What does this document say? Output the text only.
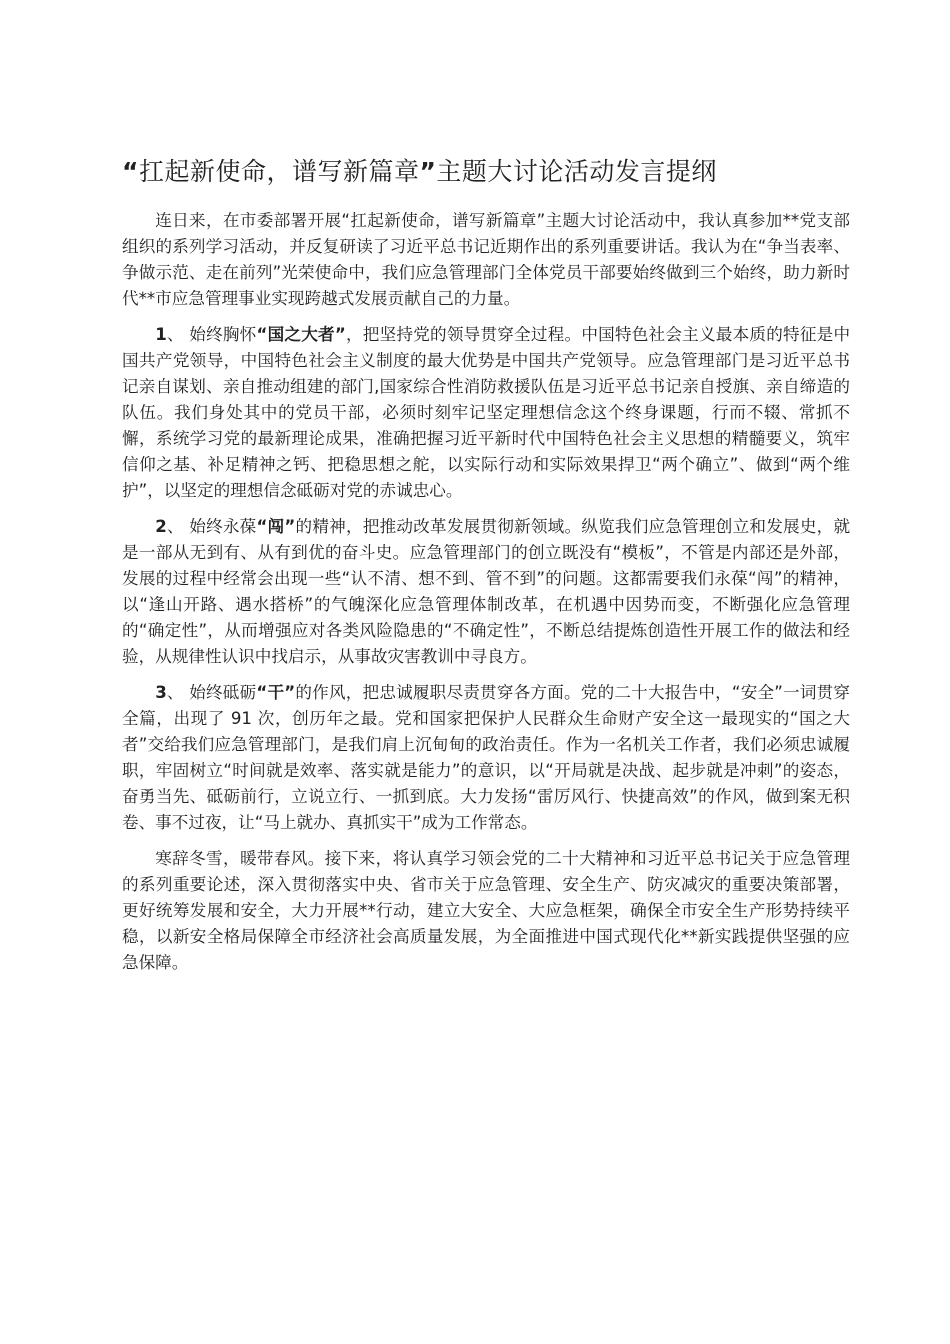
“扛起新使命，谱写新篇章”主题大讨论活动发言提纲

连日来，在市委部署开展“扛起新使命，谱写新篇章”主题大讨论活动中，我认真参加**党支部组织的系列学习活动，并反复研读了习近平总书记近期作出的系列重要讲话。我认为在“争当表率、争做示范、走在前列”光荣使命中，我们应急管理部门全体党员干部要始终做到三个始终，助力新时代**市应急管理事业实现跨越式发展贡献自己的力量。

1、 始终胸怀“国之大者”，把坚持党的领导贯穿全过程。中国特色社会主义最本质的特征是中国共产党领导，中国特色社会主义制度的最大优势是中国共产党领导。应急管理部门是习近平总书记亲自谋划、亲自推动组建的部门,国家综合性消防救援队伍是习近平总书记亲自授旗、亲自缔造的队伍。我们身处其中的党员干部，必须时刻牢记坚定理想信念这个终身课题，行而不辍、常抓不懈，系统学习党的最新理论成果，准确把握习近平新时代中国特色社会主义思想的精髓要义，筑牢信仰之基、补足精神之钙、把稳思想之舵，以实际行动和实际效果捍卫“两个确立”、做到“两个维护”，以坚定的理想信念砥砺对党的赤诚忠心。

2、 始终永葆“闯”的精神，把推动改革发展贯彻新领域。纵览我们应急管理创立和发展史，就是一部从无到有、从有到优的奋斗史。应急管理部门的创立既没有“模板”，不管是内部还是外部，发展的过程中经常会出现一些“认不清、想不到、管不到”的问题。这都需要我们永葆“闯”的精神，以“逢山开路、遇水搭桥”的气魄深化应急管理体制改革，在机遇中因势而变，不断强化应急管理的“确定性”，从而增强应对各类风险隐患的“不确定性”，不断总结提炼创造性开展工作的做法和经验，从规律性认识中找启示，从事故灾害教训中寻良方。

3、 始终砥砺“干”的作风，把忠诚履职尽责贯穿各方面。党的二十大报告中，“安全”一词贯穿全篇，出现了 91 次，创历年之最。党和国家把保护人民群众生命财产安全这一最现实的“国之大者”交给我们应急管理部门，是我们肩上沉甸甸的政治责任。作为一名机关工作者，我们必须忠诚履职，牢固树立“时间就是效率、落实就是能力”的意识，以“开局就是决战、起步就是冲刺”的姿态，奋勇当先、砥砺前行，立说立行、一抓到底。大力发扬“雷厉风行、快捷高效”的作风，做到案无积卷、事不过夜，让“马上就办、真抓实干”成为工作常态。

寒辞冬雪，暖带春风。接下来，将认真学习领会党的二十大精神和习近平总书记关于应急管理的系列重要论述，深入贯彻落实中央、省市关于应急管理、安全生产、防灾减灾的重要决策部署，更好统筹发展和安全，大力开展**行动，建立大安全、大应急框架，确保全市安全生产形势持续平稳，以新安全格局保障全市经济社会高质量发展，为全面推进中国式现代化**新实践提供坚强的应急保障。
